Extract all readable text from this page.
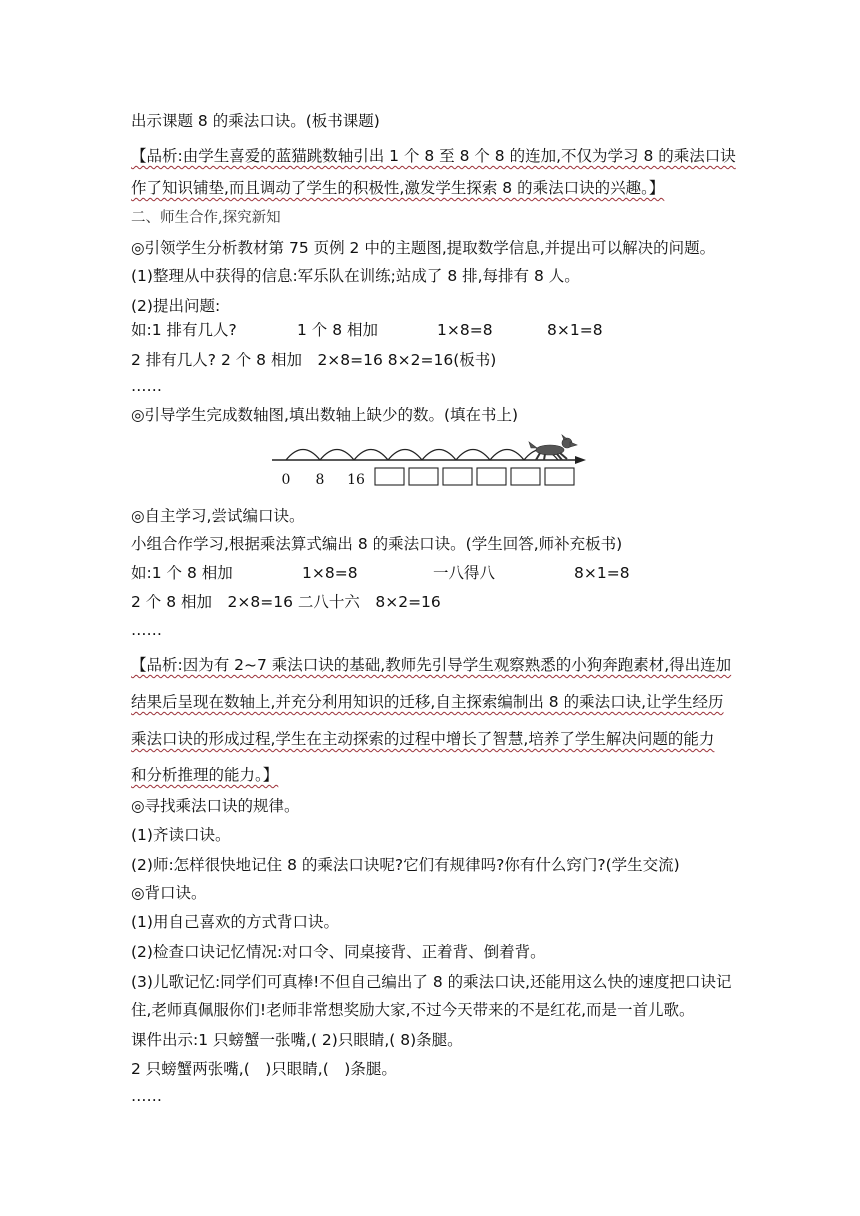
出示课题 8 的乘法口诀。(板书课题)
【品析:由学生喜爱的蓝猫跳数轴引出 1 个 8 至 8 个 8 的连加,不仅为学习 8 的乘法口诀
作了知识铺垫,而且调动了学生的积极性,激发学生探索 8 的乘法口诀的兴趣。】
二、师生合作,探究新知
◎引领学生分析教材第 75 页例 2 中的主题图,提取数学信息,并提出可以解决的问题。
(1)整理从中获得的信息:军乐队在训练;站成了 8 排,每排有 8 人。
(2)提出问题:
如:1 排有几人?	1 个 8 相加	1×8=8	8×1=8
2 排有几人? 2 个 8 相加　2×8=16 8×2=16(板书)
……
◎引导学生完成数轴图,填出数轴上缺少的数。(填在书上)
0 8 16
◎自主学习,尝试编口诀。
小组合作学习,根据乘法算式编出 8 的乘法口诀。(学生回答,师补充板书)
如:1 个 8 相加	1×8=8	一八得八	8×1=8
2 个 8 相加　2×8=16 二八十六　8×2=16
……
【品析:因为有 2~7 乘法口诀的基础,教师先引导学生观察熟悉的小狗奔跑素材,得出连加
结果后呈现在数轴上,并充分利用知识的迁移,自主探索编制出 8 的乘法口诀,让学生经历
乘法口诀的形成过程,学生在主动探索的过程中增长了智慧,培养了学生解决问题的能力
和分析推理的能力。】
◎寻找乘法口诀的规律。
(1)齐读口诀。
(2)师:怎样很快地记住 8 的乘法口诀呢?它们有规律吗?你有什么窍门?(学生交流)
◎背口诀。
(1)用自己喜欢的方式背口诀。
(2)检查口诀记忆情况:对口令、同桌接背、正着背、倒着背。
(3)儿歌记忆:同学们可真棒!不但自己编出了 8 的乘法口诀,还能用这么快的速度把口诀记
住,老师真佩服你们!老师非常想奖励大家,不过今天带来的不是红花,而是一首儿歌。
课件出示:1 只螃蟹一张嘴,( 2)只眼睛,( 8)条腿。
2 只螃蟹两张嘴,(　)只眼睛,(　)条腿。
……
